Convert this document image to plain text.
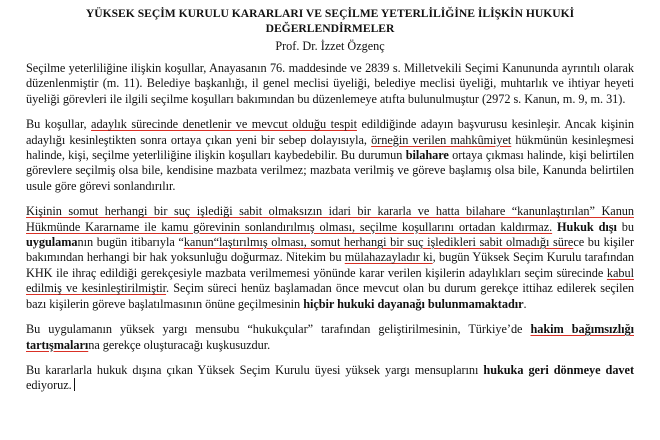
YÜKSEK SEÇİM KURULU KARARLARI VE SEÇİLME YETERLİLİĞİNE İLİŞKİN HUKUKİ DEĞERLENDİRMELER
Prof. Dr. İzzet Özgenç

Seçilme yeterliliğine ilişkin koşullar, Anayasanın 76. maddesinde ve 2839 s. Milletvekili Seçimi Kanununda ayrıntılı olarak düzenlenmiştir (m. 11). Belediye başkanlığı, il genel meclisi üyeliği, belediye meclisi üyeliği, muhtarlık ve ihtiyar heyeti üyeliği görevleri ile ilgili seçilme koşulları bakımından bu düzenlemeye atıfta bulunulmuştur (2972 s. Kanun, m. 9, m. 31).

Bu koşullar, adaylık sürecinde denetlenir ve mevcut olduğu tespit edildiğinde adayın başvurusu kesinleşir. Ancak kişinin adaylığı kesinleştikten sonra ortaya çıkan yeni bir sebep dolayısıyla, örneğin verilen mahkûmiyet hükmünün kesinleşmesi halinde, kişi, seçilme yeterliliğine ilişkin koşulları kaybedebilir. Bu durumun bilahare ortaya çıkması halinde, kişi belirtilen görevlere seçilmiş olsa bile, kendisine mazbata verilmez; mazbata verilmiş ve göreve başlamış olsa bile, Kanunda belirtilen usule göre görevi sonlandırılır.

Kişinin somut herhangi bir suç işlediği sabit olmaksızın idari bir kararla ve hatta bilahare “kanunlaştırılan” Kanun Hükmünde Kararname ile kamu görevinin sonlandırılmış olması, seçilme koşullarını ortadan kaldırmaz. Hukuk dışı bu uygulamanın bugün itibarıyla “kanun“laştırılmış olması, somut herhangi bir suç işledikleri sabit olmadığı sürece bu kişiler bakımından herhangi bir hak yoksunluğu doğurmaz. Nitekim bu mülahazayladır ki, bugün Yüksek Seçim Kurulu tarafından KHK ile ihraç edildiği gerekçesiyle mazbata verilmemesi yönünde karar verilen kişilerin adaylıkları seçim sürecinde kabul edilmiş ve kesinleştirilmiştir. Seçim süreci henüz başlamadan önce mevcut olan bu durum gerekçe ittihaz edilerek seçilen bazı kişilerin göreve başlatılmasının önüne geçilmesinin hiçbir hukuki dayanağı bulunmamaktadır.

Bu uygulamanın yüksek yargı mensubu “hukukçular” tarafından geliştirilmesinin, Türkiye’de hakim bağımsızlığı tartışmalarına gerekçe oluşturacağı kuşkusuzdur.

Bu kararlarla hukuk dışına çıkan Yüksek Seçim Kurulu üyesi yüksek yargı mensuplarını hukuka geri dönmeye davet ediyoruz.
